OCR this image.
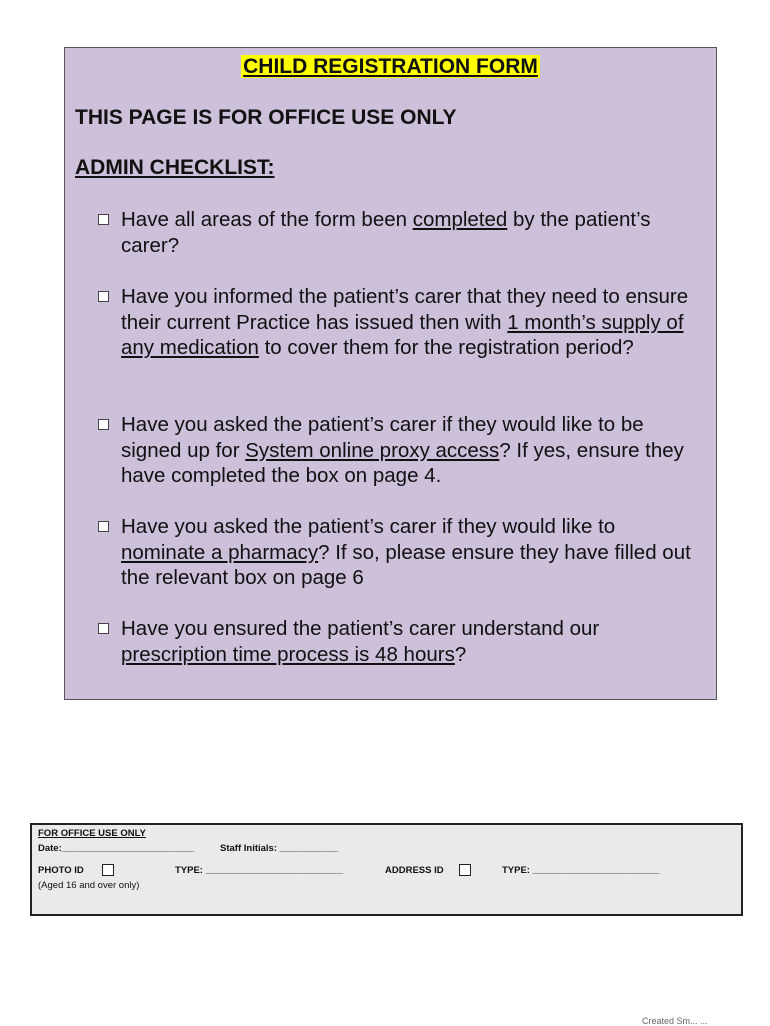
CHILD REGISTRATION FORM

THIS PAGE IS FOR OFFICE USE ONLY

ADMIN CHECKLIST:

Have all areas of the form been completed by the patient’s carer?
Have you informed the patient’s carer that they need to ensure their current Practice has issued then with 1 month’s supply of any medication to cover them for the registration period?
Have you asked the patient’s carer if they would like to be signed up for System online proxy access? If yes, ensure they have completed the box on page 4.
Have you asked the patient’s carer if they would like to nominate a pharmacy? If so, please ensure they have filled out the relevant box on page 6
Have you ensured the patient’s carer understand our prescription time process is 48 hours?
FOR OFFICE USE ONLY
Date:_________________________	Staff Initials: ___________
PHOTO ID	TYPE: __________________________	ADDRESS ID	TYPE: ________________________
(Aged 16 and over only)
Created Sm... ...
